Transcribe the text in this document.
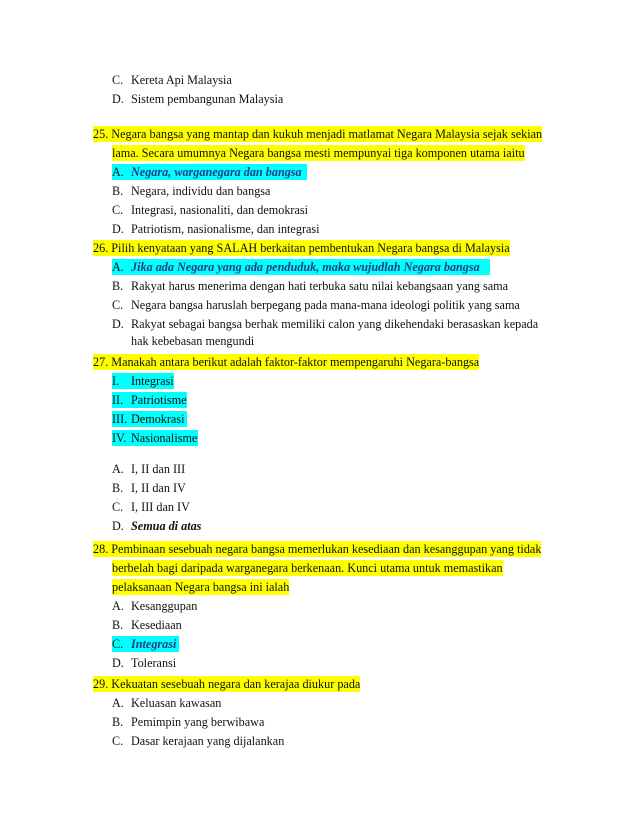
C. Kereta Api Malaysia
D. Sistem pembangunan Malaysia
25. Negara bangsa yang mantap dan kukuh menjadi matlamat Negara Malaysia sejak sekian
lama. Secara umumnya Negara bangsa mesti mempunyai tiga komponen utama iaitu
A. Negara, warganegara dan bangsa
B. Negara, individu dan bangsa
C. Integrasi, nasionaliti, dan demokrasi
D. Patriotism, nasionalisme, dan integrasi
26. Pilih kenyataan yang SALAH berkaitan pembentukan Negara bangsa di Malaysia
A. Jika ada Negara yang ada penduduk, maka wujudlah Negara bangsa
B. Rakyat harus menerima dengan hati terbuka satu nilai kebangsaan yang sama
C. Negara bangsa haruslah berpegang pada mana-mana ideologi politik yang sama
D. Rakyat sebagai bangsa berhak memiliki calon yang dikehendaki berasaskan kepada
hak kebebasan mengundi
27. Manakah antara berikut adalah faktor-faktor mempengaruhi Negara-bangsa
I. Integrasi
II. Patriotisme
III. Demokrasi
IV. Nasionalisme
A. I, II dan III
B. I, II dan IV
C. I, III dan IV
D. Semua di atas
28. Pembinaan sesebuah negara bangsa memerlukan kesediaan dan kesanggupan yang tidak
berbelah bagi daripada warganegara berkenaan. Kunci utama untuk memastikan
pelaksanaan Negara bangsa ini ialah
A. Kesanggupan
B. Kesediaan
C. Integrasi
D. Toleransi
29. Kekuatan sesebuah negara dan kerajaa diukur pada
A. Keluasan kawasan
B. Pemimpin yang berwibawa
C. Dasar kerajaan yang dijalankan
